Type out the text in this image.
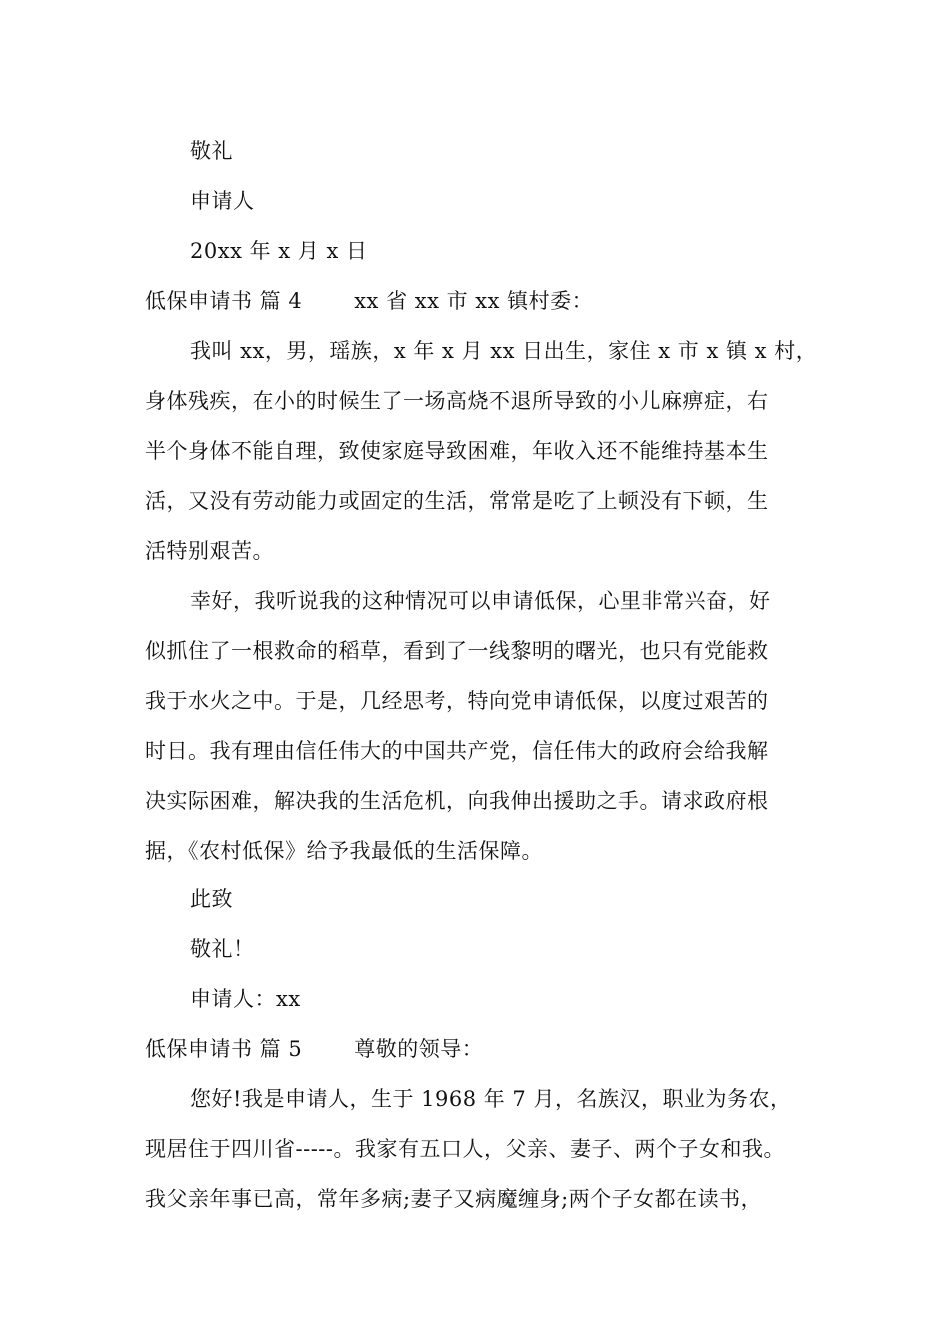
敬礼
申请人
20xx 年 x 月 x 日
低保申请书 篇 4 xx 省 xx 市 xx 镇村委：
我叫 xx，男，瑶族，x 年 x 月 xx 日出生，家住 x 市 x 镇 x 村，
身体残疾，在小的时候生了一场高烧不退所导致的小儿麻痹症，右
半个身体不能自理，致使家庭导致困难，年收入还不能维持基本生
活，又没有劳动能力或固定的生活，常常是吃了上顿没有下顿，生
活特别艰苦。
幸好，我听说我的这种情况可以申请低保，心里非常兴奋，好
似抓住了一根救命的稻草，看到了一线黎明的曙光，也只有党能救
我于水火之中。于是，几经思考，特向党申请低保，以度过艰苦的
时日。我有理由信任伟大的中国共产党，信任伟大的政府会给我解
决实际困难，解决我的生活危机，向我伸出援助之手。请求政府根
据，《农村低保》给予我最低的生活保障。
此致
敬礼！
申请人：xx
低保申请书 篇 5 尊敬的领导：
您好!我是申请人，生于 1968 年 7 月，名族汉，职业为务农，
现居住于四川省-----。我家有五口人，父亲、妻子、两个子女和我。
我父亲年事已高，常年多病;妻子又病魔缠身;两个子女都在读书，
